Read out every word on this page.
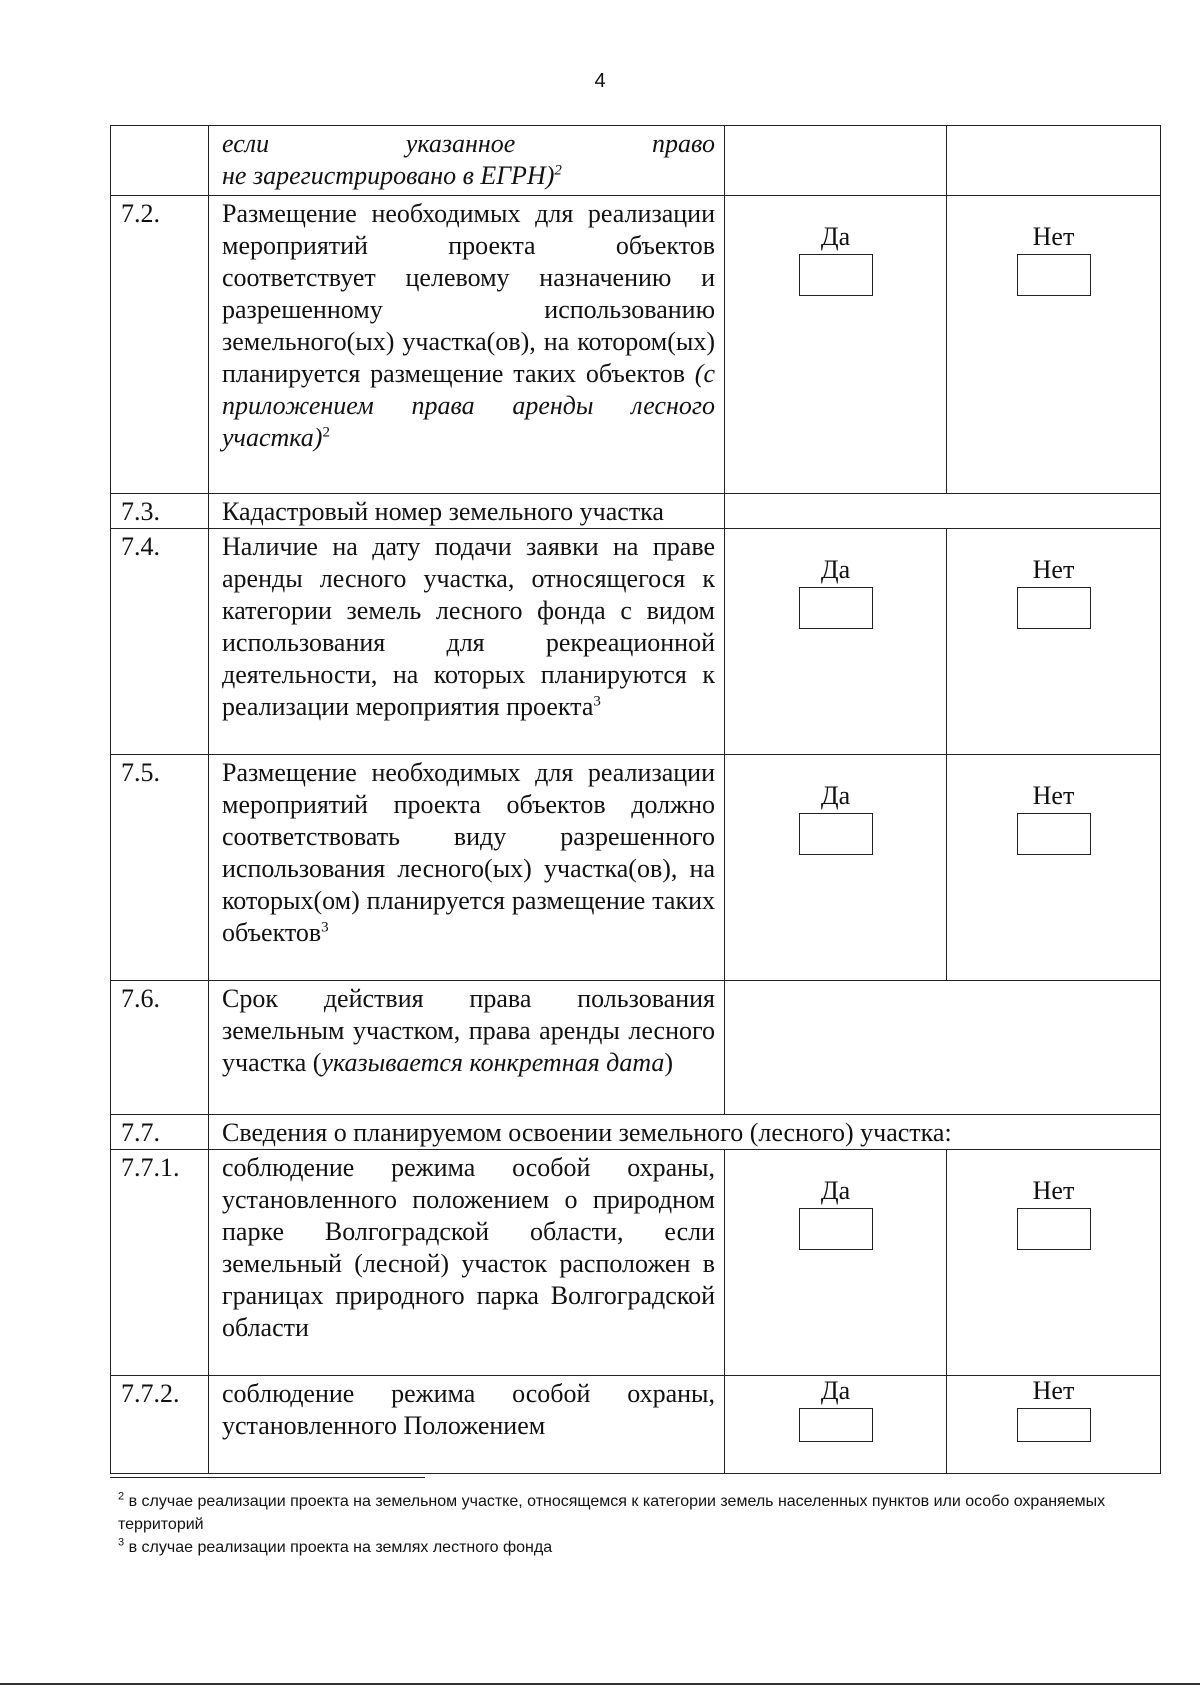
4

	если указанное право
не зарегистрировано в ЕГРН)$^2$		
7.2.	Размещение необходимых для реализации мероприятий проекта объектов соответствует целевому назначению и разрешенному использованию земельного(ых) участка(ов), на котором(ых) планируется размещение таких объектов (с приложением права аренды лесного участка)$^2$	Да	Нет

7.3.	Кадастровый номер земельного участка		
7.4.	Наличие на дату подачи заявки на праве аренды лесного участка, относящегося к категории земель лесного фонда с видом использования для рекреационной деятельности, на которых планируются к реализации мероприятия проекта$^3$	Да	Нет

7.5.	Размещение необходимых для реализации мероприятий проекта объектов должно соответствовать виду разрешенного использования лесного(ых) участка(ов), на которых(ом) планируется размещение таких объектов$^3$	Да	Нет

7.6.	Срок действия права пользования земельным участком, права аренды лесного участка (указывается конкретная дата)		
7.7.	Сведения о планируемом освоении земельного (лесного) участка:		
7.7.1.	соблюдение режима особой охраны, установленного положением о природном парке Волгоградской области, если земельный (лесной) участок расположен в границах природного парка Волгоградской области	Да	Нет

7.7.2.	соблюдение режима особой охраны, установленного Положением	Да	Нет
$^2$ в случае реализации проекта на земельном участке, относящемся к категории земель населенных пунктов или особо охраняемых территорий
$^3$ в случае реализации проекта на землях лестного фонда
